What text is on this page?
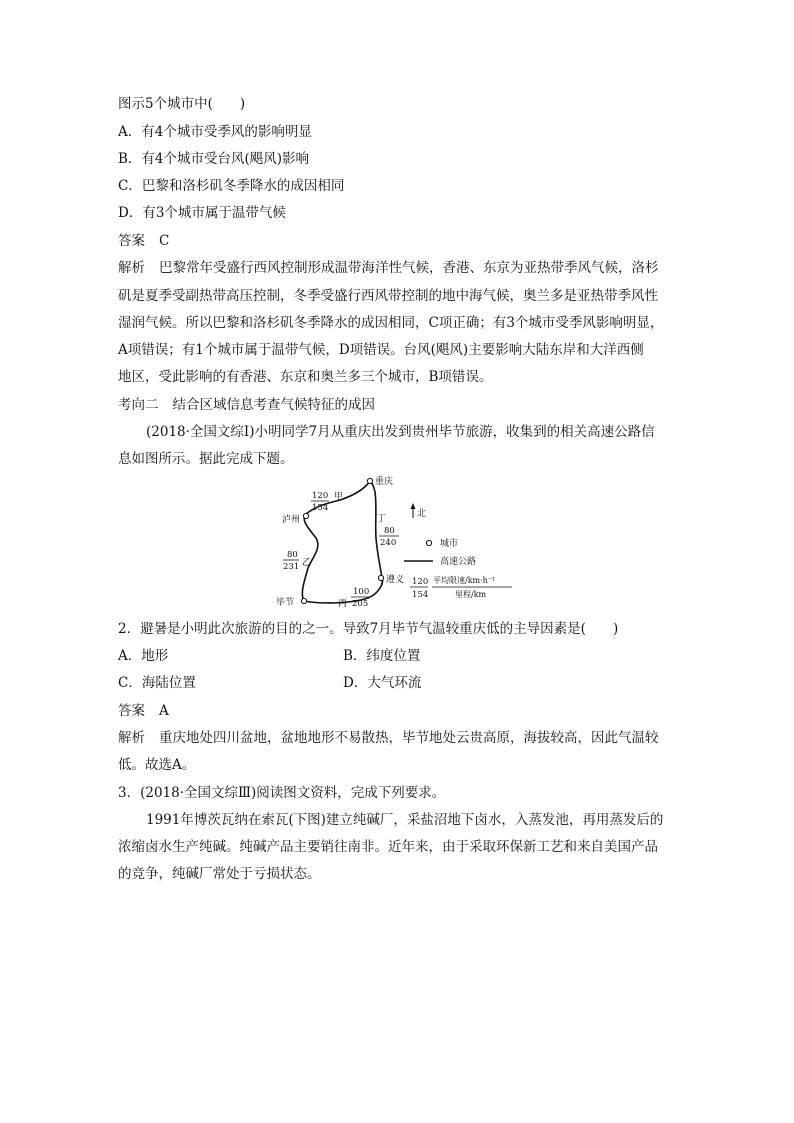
图示5个城市中(　　)
A．有4个城市受季风的影响明显
B．有4个城市受台风(飓风)影响
C．巴黎和洛杉矶冬季降水的成因相同
D．有3个城市属于温带气候
答案 C
解析 巴黎常年受盛行西风控制形成温带海洋性气候，香港、东京为亚热带季风气候，洛杉
矶是夏季受副热带高压控制，冬季受盛行西风带控制的地中海气候，奥兰多是亚热带季风性
湿润气候。所以巴黎和洛杉矶冬季降水的成因相同，C项正确；有3个城市受季风影响明显，
A项错误；有1个城市属于温带气候，D项错误。台风(飓风)主要影响大陆东岸和大洋西侧
地区，受此影响的有香港、东京和奥兰多三个城市，B项错误。
考向二 结合区域信息考查气候特征的成因
(2018·全国文综Ⅰ)小明同学7月从重庆出发到贵州毕节旅游，收集到的相关高速公路信
息如图所示。据此完成下题。
重庆
泸州
毕节
遵义
120
154
甲
80
231 乙
丙
100
205
丁
80
240
北
城市
高速公路
120
154
平均限速/km·h⁻¹
里程/km
2．避暑是小明此次旅游的目的之一。导致7月毕节气温较重庆低的主导因素是(　　)
A．地形	B．纬度位置
C．海陆位置	D．大气环流
答案 A
解析 重庆地处四川盆地，盆地地形不易散热，毕节地处云贵高原，海拔较高，因此气温较
低。故选A。
3．(2018·全国文综Ⅲ)阅读图文资料，完成下列要求。
1991年博茨瓦纳在索瓦(下图)建立纯碱厂，采盐沼地下卤水，入蒸发池，再用蒸发后的
浓缩卤水生产纯碱。纯碱产品主要销往南非。近年来，由于采取环保新工艺和来自美国产品
的竞争，纯碱厂常处于亏损状态。
